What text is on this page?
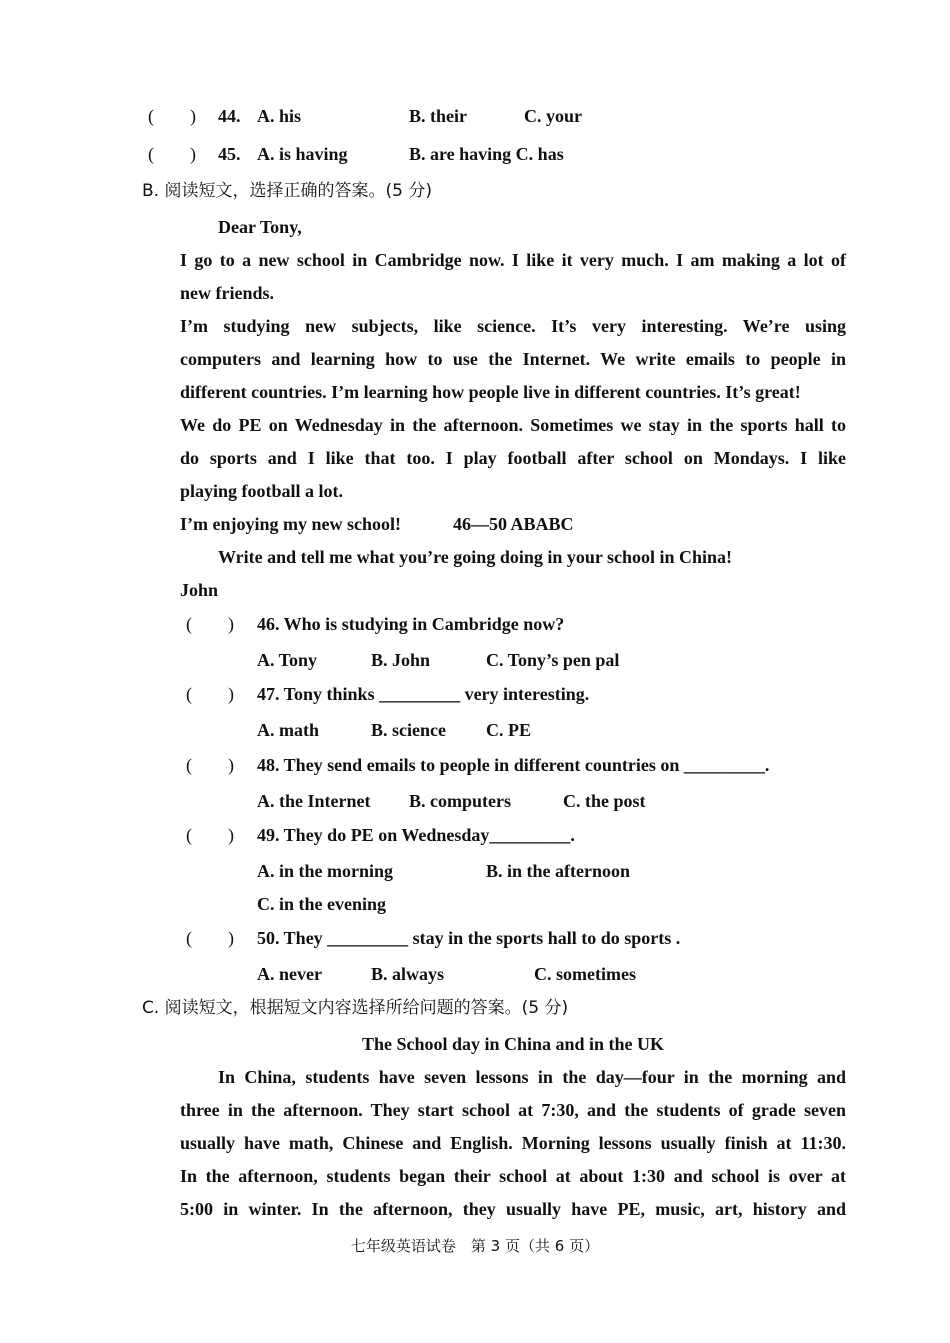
(　　) 44. A. his	B. their	C. your
(　　) 45. A. is having	B. are having C. has
B. 阅读短文，选择正确的答案。(5 分)
Dear Tony,
I go to a new school in Cambridge now. I like it very much. I am making a lot of
new friends.
I’m studying new subjects, like science. It’s very interesting. We’re using
computers and learning how to use the Internet. We write emails to people in
different countries. I’m learning how people live in different countries. It’s great!
We do PE on Wednesday in the afternoon. Sometimes we stay in the sports hall to
do sports and I like that too. I play football after school on Mondays. I like
playing football a lot.
I’m enjoying my new school!	46—50 ABABC
Write and tell me what you’re going doing in your school in China!
John
(　　) 46. Who is studying in Cambridge now?
A. Tony	B. John	C. Tony’s pen pal
(　　) 47. Tony thinks _________ very interesting.
A. math	B. science C. PE
(　　) 48. They send emails to people in different countries on _________.
A. the Internet B. computers	C. the post
(　　) 49. They do PE on Wednesday_________.
A. in the morning	B. in the afternoon
C. in the evening
(　　) 50. They _________ stay in the sports hall to do sports .
A. never	B. always	C. sometimes
C. 阅读短文，根据短文内容选择所给问题的答案。(5 分)
The School day in China and in the UK
In China, students have seven lessons in the day—four in the morning and
three in the afternoon. They start school at 7:30, and the students of grade seven
usually have math, Chinese and English. Morning lessons usually finish at 11:30.
In the afternoon, students began their school at about 1:30 and school is over at
5:00 in winter. In the afternoon, they usually have PE, music, art, history and
七年级英语试卷　第 3 页（共 6 页）
